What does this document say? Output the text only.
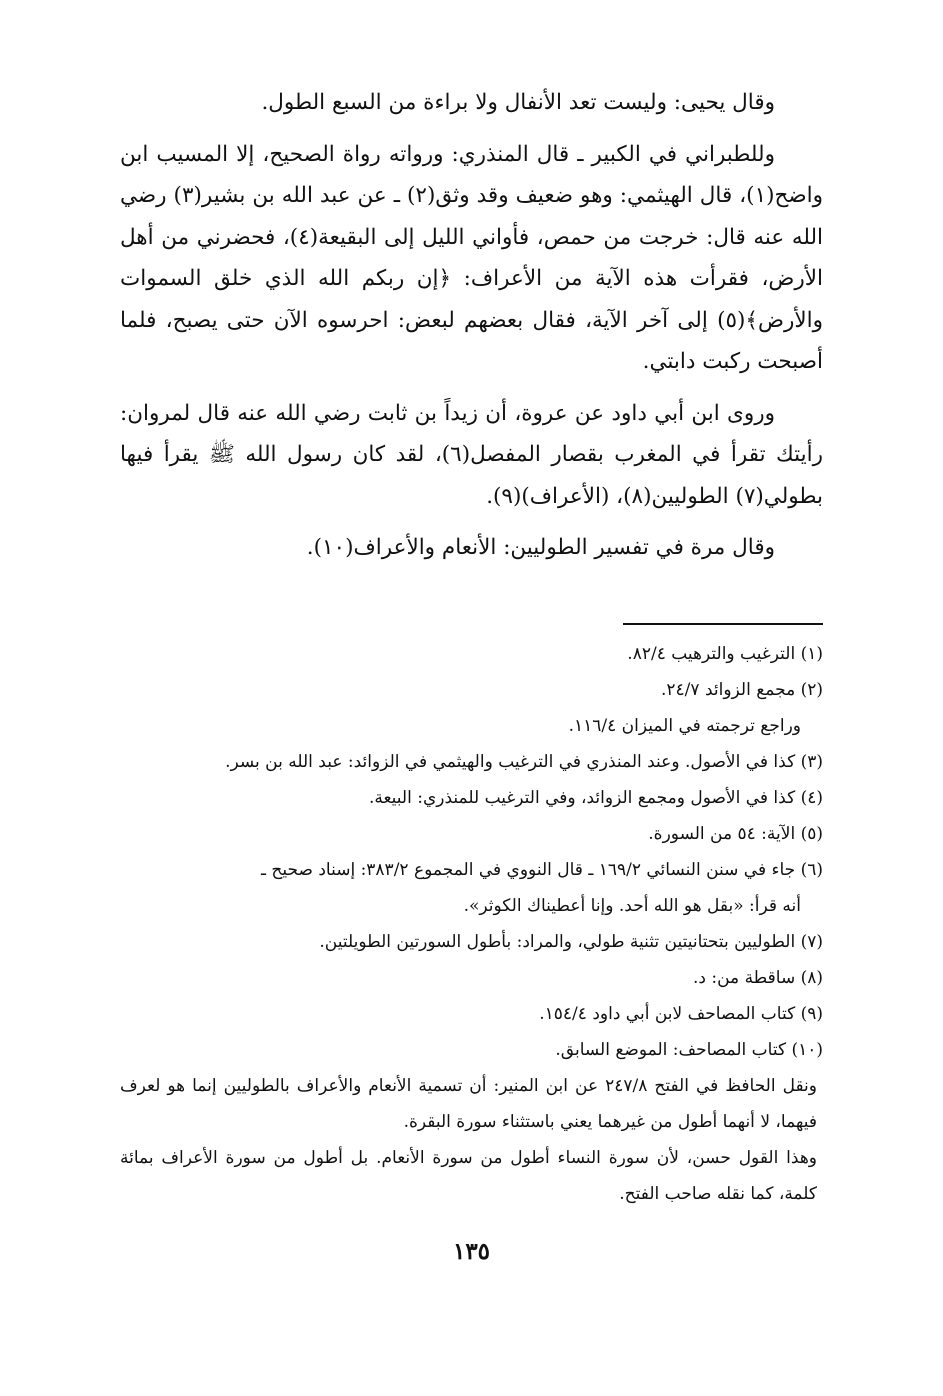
وقال يحيى: وليست تعد الأنفال ولا براءة من السبع الطول.
وللطبراني في الكبير ـ قال المنذري: ورواته رواة الصحيح، إلا المسيب ابن واضح(١)، قال الهيثمي: وهو ضعيف وقد وثق(٢) ـ عن عبد الله بن بشير(٣) رضي الله عنه قال: خرجت من حمص، فأواني الليل إلى البقيعة(٤)، فحضرني من أهل الأرض، فقرأت هذه الآية من الأعراف: ﴿إن ربكم الله الذي خلق السموات والأرض﴾(٥) إلى آخر الآية، فقال بعضهم لبعض: احرسوه الآن حتى يصبح، فلما أصبحت ركبت دابتي.
وروى ابن أبي داود عن عروة، أن زيداً بن ثابت رضي الله عنه قال لمروان: رأيتك تقرأ في المغرب بقصار المفصل(٦)، لقد كان رسول الله ﷺ يقرأ فيها بطولي(٧) الطوليين(٨)، (الأعراف)(٩).
وقال مرة في تفسير الطوليين: الأنعام والأعراف(١٠).
(١) الترغيب والترهيب ٨٢/٤.
(٢) مجمع الزوائد ٢٤/٧.
وراجع ترجمته في الميزان ١١٦/٤.
(٣) كذا في الأصول. وعند المنذري في الترغيب والهيثمي في الزوائد: عبد الله بن بسر.
(٤) كذا في الأصول ومجمع الزوائد، وفي الترغيب للمنذري: البيعة.
(٥) الآية: ٥٤ من السورة.
(٦) جاء في سنن النسائي ١٦٩/٢ ـ قال النووي في المجموع ٣٨٣/٢: إسناد صحيح ـ
أنه قرأ: «بقل هو الله أحد. وإنا أعطيناك الكوثر».
(٧) الطوليين بتحتانيتين تثنية طولي، والمراد: بأطول السورتين الطويلتين.
(٨) ساقطة من: د.
(٩) كتاب المصاحف لابن أبي داود ١٥٤/٤.
(١٠) كتاب المصاحف: الموضع السابق.
ونقل الحافظ في الفتح ٢٤٧/٨ عن ابن المنير: أن تسمية الأنعام والأعراف بالطوليين إنما هو لعرف فيهما، لا أنهما أطول من غيرهما يعني باستثناء سورة البقرة.
وهذا القول حسن، لأن سورة النساء أطول من سورة الأنعام. بل أطول من سورة الأعراف بمائة كلمة، كما نقله صاحب الفتح.
١٣٥
